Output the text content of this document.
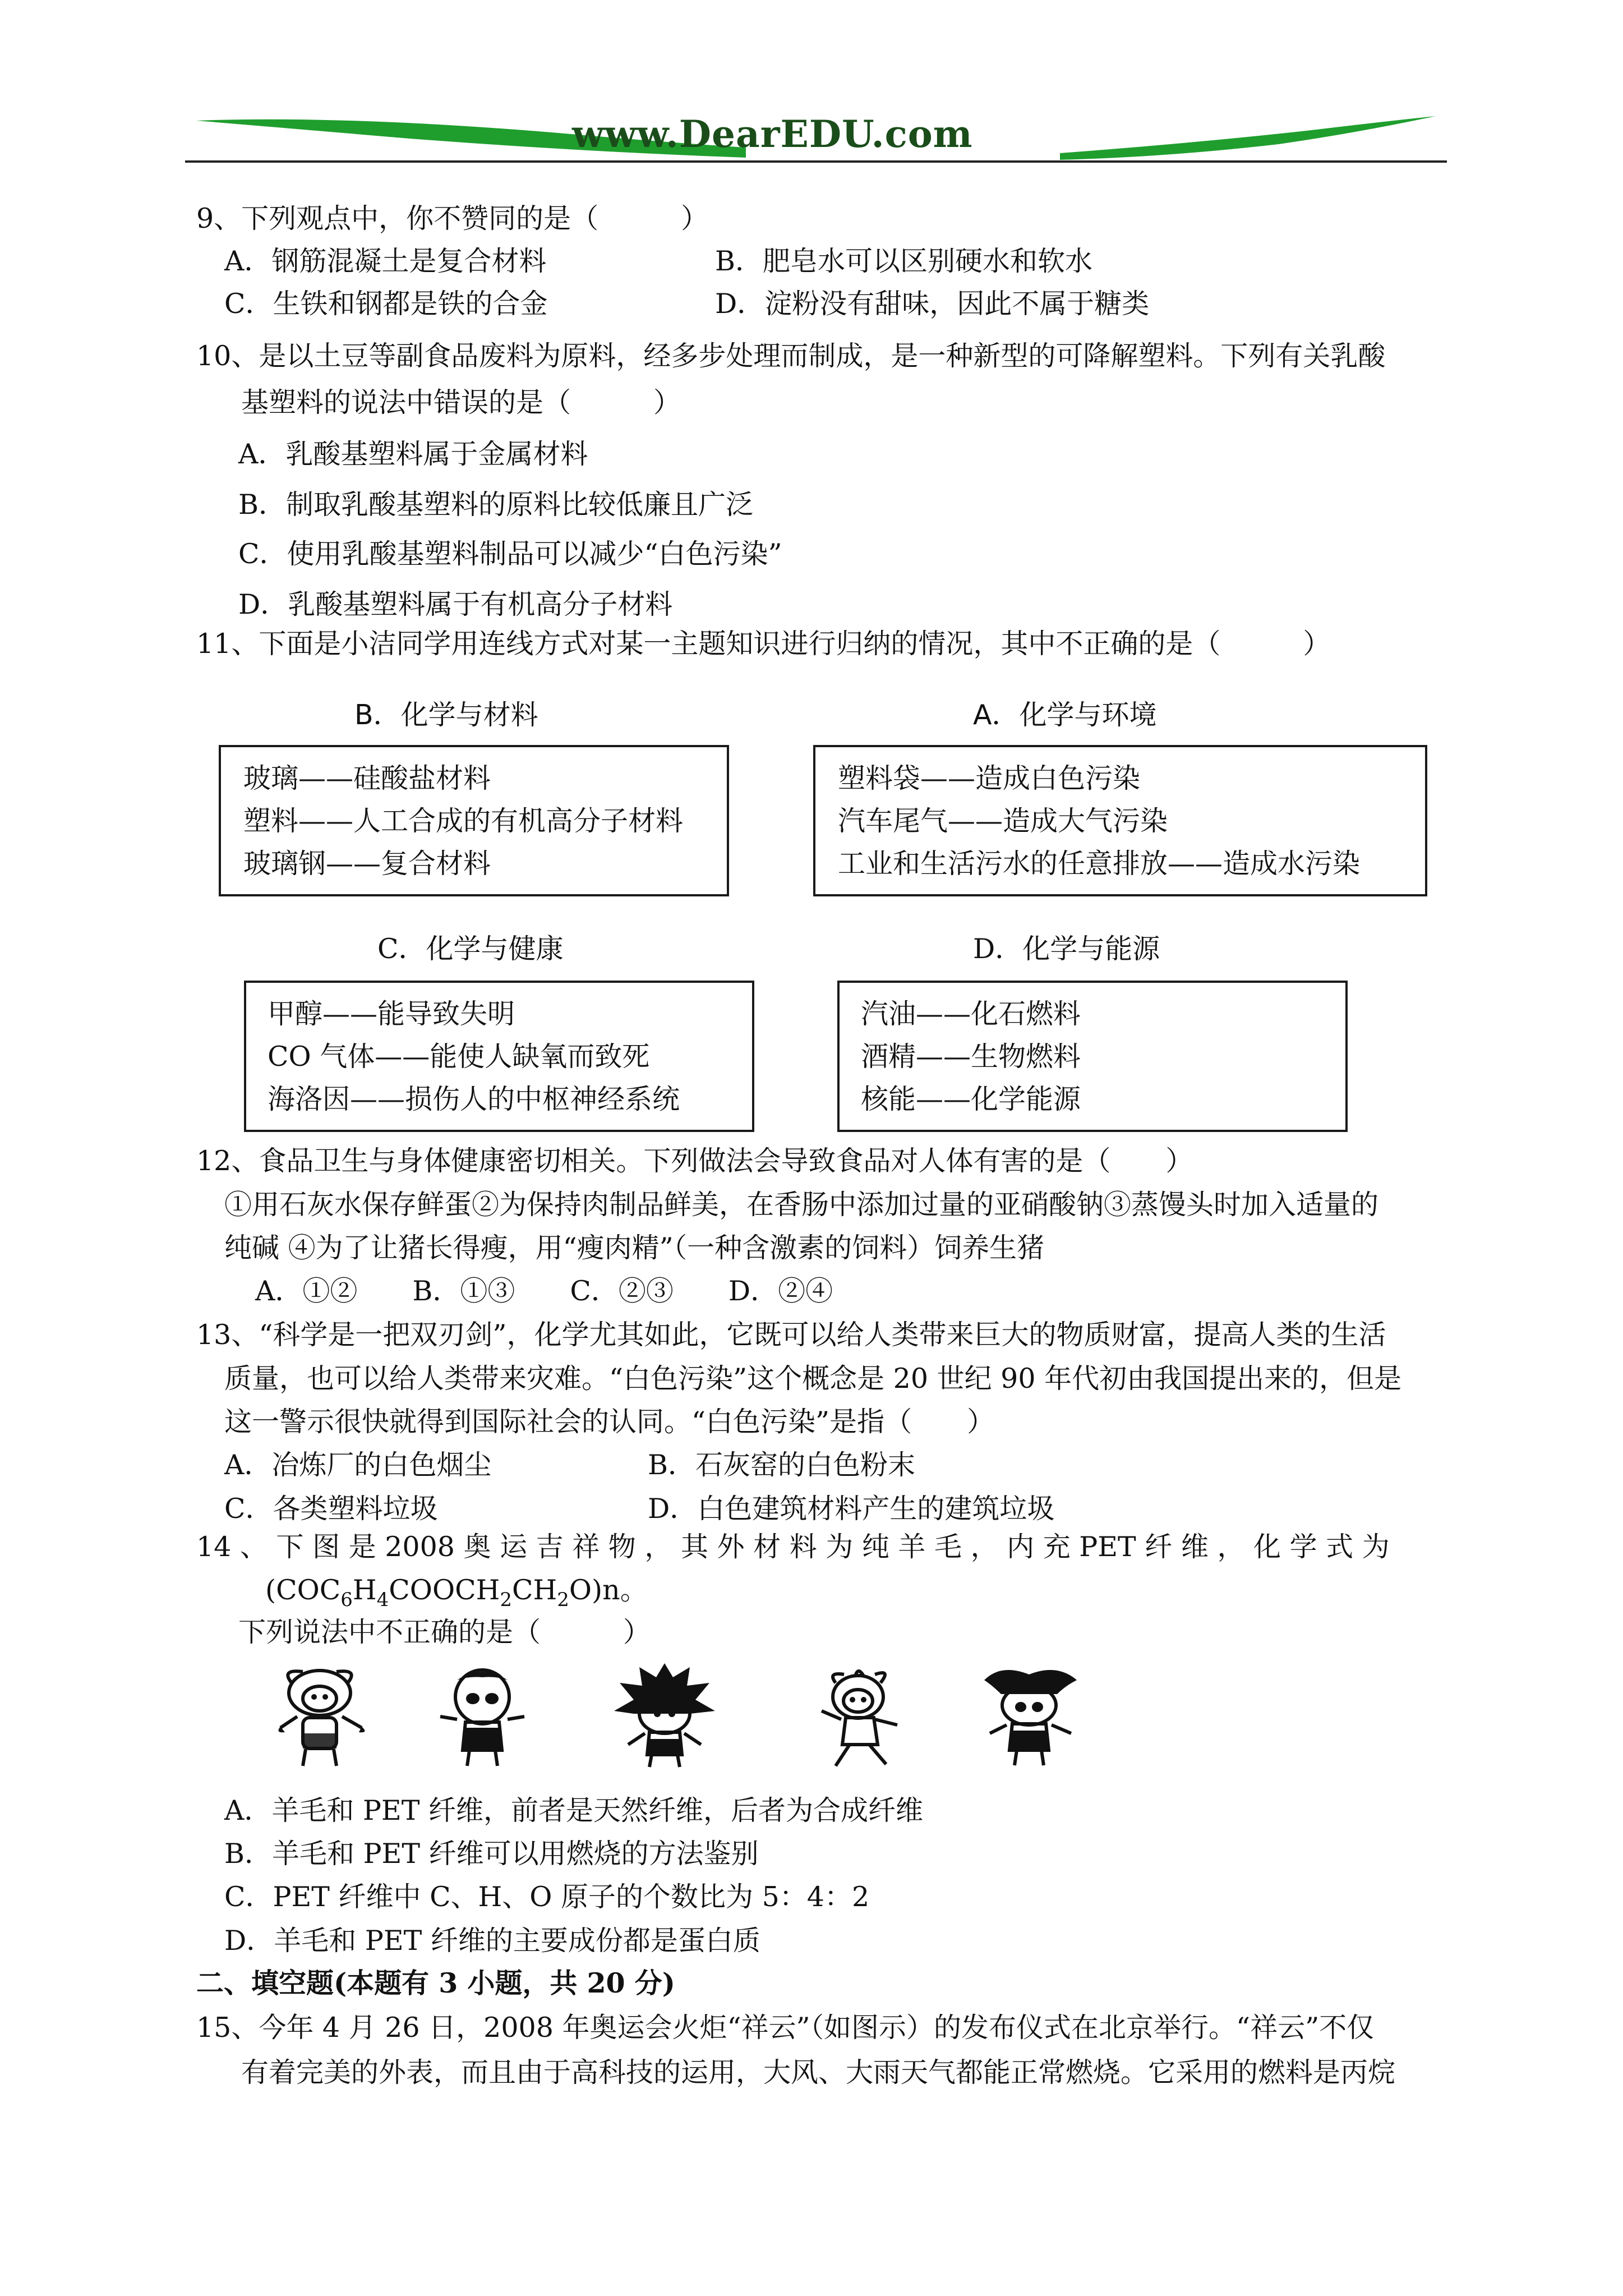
www.DearEDU.com
9、下列观点中，你不赞同的是（　　　）
A．钢筋混凝土是复合材料	B．肥皂水可以区别硬水和软水
C．生铁和钢都是铁的合金	D．淀粉没有甜味，因此不属于糖类
10、是以土豆等副食品废料为原料，经多步处理而制成，是一种新型的可降解塑料。下列有关乳酸
基塑料的说法中错误的是（　　　）
A．乳酸基塑料属于金属材料
B．制取乳酸基塑料的原料比较低廉且广泛
C．使用乳酸基塑料制品可以减少“白色污染”
D．乳酸基塑料属于有机高分子材料
11、下面是小洁同学用连线方式对某一主题知识进行归纳的情况，其中不正确的是（　　　）
B．化学与材料	A．化学与环境
玻璃——硅酸盐材料
塑料——人工合成的有机高分子材料
玻璃钢——复合材料
塑料袋——造成白色污染
汽车尾气——造成大气污染
工业和生活污水的任意排放——造成水污染
C．化学与健康	D．化学与能源
甲醇——能导致失明
CO 气体——能使人缺氧而致死
海洛因——损伤人的中枢神经系统
汽油——化石燃料
酒精——生物燃料
核能——化学能源
12、食品卫生与身体健康密切相关。下列做法会导致食品对人体有害的是（　　）
①用石灰水保存鲜蛋②为保持肉制品鲜美，在香肠中添加过量的亚硝酸钠③蒸馒头时加入适量的
纯碱 ④为了让猪长得瘦，用“瘦肉精”（一种含激素的饲料）饲养生猪
A．①②　　B．①③　　C．②③　　D．②④
13、“科学是一把双刃剑”，化学尤其如此，它既可以给人类带来巨大的物质财富，提高人类的生活
质量，也可以给人类带来灾难。“白色污染”这个概念是 20 世纪 90 年代初由我国提出来的，但是
这一警示很快就得到国际社会的认同。“白色污染”是指（　　）
A．冶炼厂的白色烟尘	B．石灰窑的白色粉末
C．各类塑料垃圾	D．白色建筑材料产生的建筑垃圾
14 、 下 图 是 2008 奥 运 吉 祥 物 ， 其 外 材 料 为 纯 羊 毛 ， 内 充 PET 纤 维 ， 化 学 式 为
$(COC_6H_4COOCH_2CH_2O)n$。
下列说法中不正确的是（　　　）
A．羊毛和 PET 纤维，前者是天然纤维，后者为合成纤维
B．羊毛和 PET 纤维可以用燃烧的方法鉴别
C．PET 纤维中 C、H、O 原子的个数比为 5：4：2
D．羊毛和 PET 纤维的主要成份都是蛋白质
二、填空题(本题有 3 小题，共 20 分)
15、今年 4 月 26 日，2008 年奥运会火炬“祥云”（如图示）的发布仪式在北京举行。“祥云”不仅
有着完美的外表，而且由于高科技的运用，大风、大雨天气都能正常燃烧。它采用的燃料是丙烷
